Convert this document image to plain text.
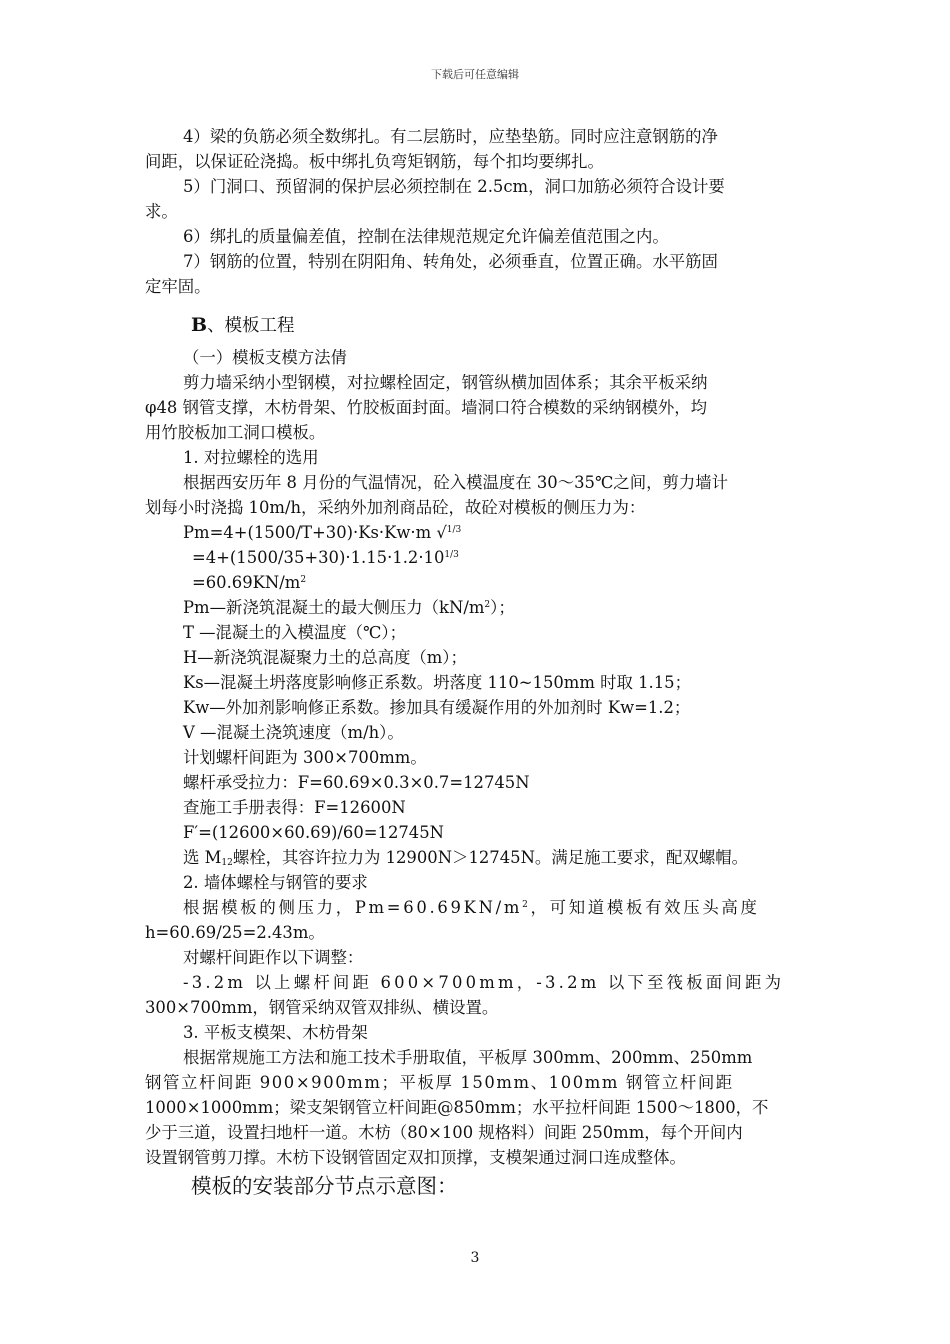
下载后可任意编辑

4）梁的负筋必须全数绑扎。有二层筋时，应垫垫筋。同时应注意钢筋的净

间距，以保证砼浇捣。板中绑扎负弯矩钢筋，每个扣均要绑扎。

5）门洞口、预留洞的保护层必须控制在 2.5cm，洞口加筋必须符合设计要

求。

6）绑扎的质量偏差值，控制在法律规范规定允许偏差值范围之内。

7）钢筋的位置，特别在阴阳角、转角处，必须垂直，位置正确。水平筋固

定牢固。

B、模板工程

（一）模板支模方法倩

剪力墙采纳小型钢模，对拉螺栓固定，钢管纵横加固体系；其余平板采纳

φ48 钢管支撑，木枋骨架、竹胶板面封面。墙洞口符合模数的采纳钢模外，均

用竹胶板加工洞口模板。

1. 对拉螺栓的选用

根据西安历年 8 月份的气温情况，砼入模温度在 30～35℃之间，剪力墙计

划每小时浇捣 10m/h，采纳外加剂商品砼，故砼对模板的侧压力为：

Pm=4+(1500/T+30)·Ks·Kw·m √$^{1/3}$

$=4+(1500/35+30)\cdot 1.15\cdot 1.2\cdot 10^{1/3}$

$=60.69KN/m^2$

Pm—新浇筑混凝土的最大侧压力$(kN/m^2)$；

T —混凝土的入模温度（℃）；

H—新浇筑混凝聚力土的总高度（m）；

Ks—混凝土坍落度影响修正系数。坍落度 110~150mm 时取 1.15；

Kw—外加剂影响修正系数。掺加具有缓凝作用的外加剂时 Kw=1.2；

V —混凝土浇筑速度（m/h）。

计划螺杆间距为 300×700mm。

螺杆承受拉力：F=60.69×0.3×0.7=12745N

查施工手册表得：F=12600N

F′=(12600×60.69)/60=12745N

选 $M_{12}$螺栓，其容许拉力为 12900N＞12745N。满足施工要求，配双螺帽。

2. 墙体螺栓与钢管的要求

根据模板的侧压力，$Pm=60.69KN/m^2$，可知道模板有效压头高度

h=60.69/25=2.43m。

对螺杆间距作以下调整：

-3.2m 以上螺杆间距 600×700mm，-3.2m 以下至筏板面间距为

300×700mm，钢管采纳双管双排纵、横设置。

3. 平板支模架、木枋骨架

根据常规施工方法和施工技术手册取值，平板厚 300mm、200mm、250mm

钢管立杆间距 900×900mm；平板厚 150mm、100mm 钢管立杆间距

1000×1000mm；梁支架钢管立杆间距@850mm；水平拉杆间距 1500～1800，不

少于三道，设置扫地杆一道。木枋（80×100 规格料）间距 250mm，每个开间内

设置钢管剪刀撑。木枋下设钢管固定双扣顶撑，支模架通过洞口连成整体。

模板的安装部分节点示意图：

3
